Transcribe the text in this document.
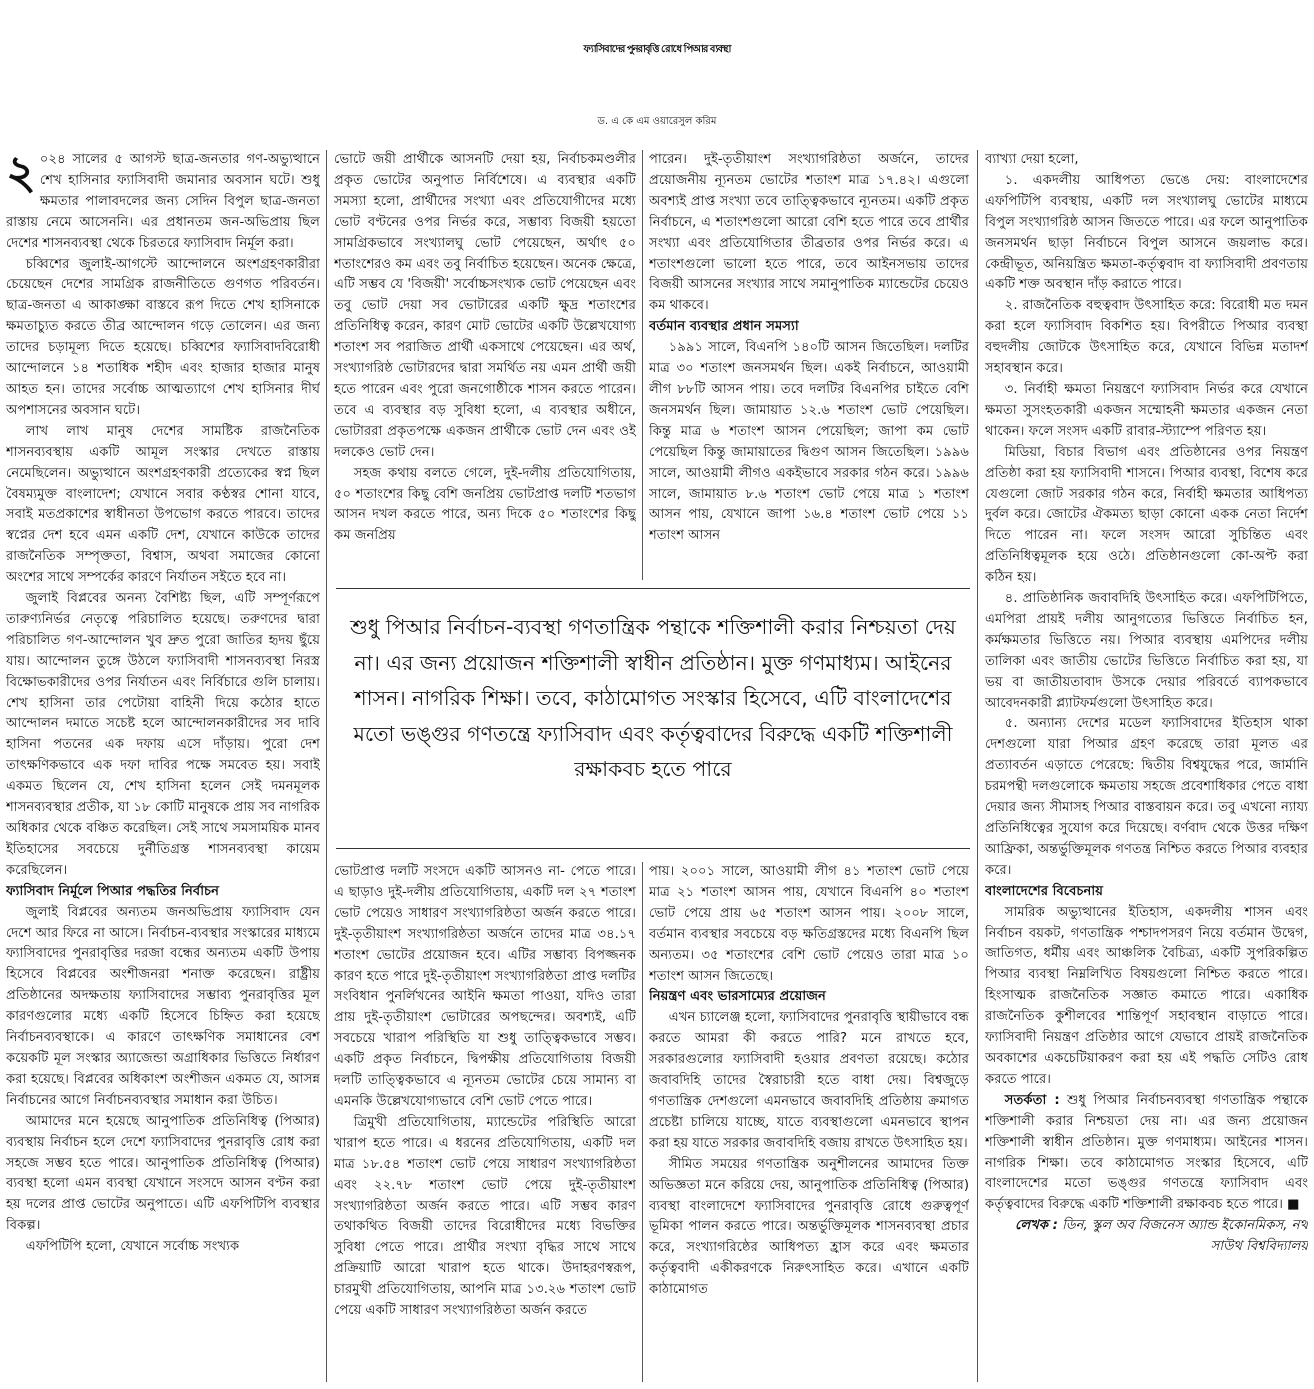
ফ্যাসিবাদের পুনরাবৃত্তি রোধে পিআর ব্যবস্থা
ড. এ কে এম ওয়ারেসুল করিম

২ ০২৪ সালের ৫ আগস্ট ছাত্র-জনতার গণ-অভ্যুত্থানে শেখ হাসিনার ফ্যাসিবাদী জমানার অবসান ঘটে। শুধু ক্ষমতার পালাবদলের জন্য সেদিন বিপুল ছাত্র-জনতা রাস্তায় নেমে আসেননি। এর প্রধানতম জন-অভিপ্রায় ছিল দেশের শাসনব্যবস্থা থেকে চিরতরে ফ্যাসিবাদ নির্মূল করা।

চব্বিশের জুলাই-আগস্টে আন্দোলনে অংশগ্রহণকারীরা চেয়েছেন দেশের সামগ্রিক রাজনীতিতে গুণগত পরিবর্তন। ছাত্র-জনতা এ আকাঙ্ক্ষা বাস্তবে রূপ দিতে শেখ হাসিনাকে ক্ষমতাচ্যুত করতে তীব্র আন্দোলন গড়ে তোলেন। এর জন্য তাদের চড়ামূল্য দিতে হয়েছে। চব্বিশের ফ্যাসিবাদবিরোধী আন্দোলনে ১৪ শতাধিক শহীদ এবং হাজার হাজার মানুষ আহত হন। তাদের সর্বোচ্চ আত্মত্যাগে শেখ হাসিনার দীর্ঘ অপশাসনের অবসান ঘটে।

লাখ লাখ মানুষ দেশের সামষ্টিক রাজনৈতিক শাসনব্যবস্থায় একটি আমূল সংস্কার দেখতে রাস্তায় নেমেছিলেন। অভ্যুত্থানে অংশগ্রহণকারী প্রত্যেকের স্বপ্ন ছিল বৈষম্যমুক্ত বাংলাদেশ; যেখানে সবার কণ্ঠস্বর শোনা যাবে, সবাই মতপ্রকাশের স্বাধীনতা উপভোগ করতে পারবে। তাদের স্বপ্নের দেশ হবে এমন একটি দেশ, যেখানে কাউকে তাদের রাজনৈতিক সম্পৃক্ততা, বিশ্বাস, অথবা সমাজের কোনো অংশের সাথে সম্পর্কের কারণে নির্যাতন সইতে হবে না।

জুলাই বিপ্লবের অনন্য বৈশিষ্ট্য ছিল, এটি সম্পূর্ণরূপে তারুণ্যনির্ভর নেতৃত্বে পরিচালিত হয়েছে। তরুণদের দ্বারা পরিচালিত গণ-আন্দোলন খুব দ্রুত পুরো জাতির হৃদয় ছুঁয়ে যায়। আন্দোলন তুঙ্গে উঠলে ফ্যাসিবাদী শাসনব্যবস্থা নিরস্ত্র বিক্ষোভকারীদের ওপর নির্যাতন এবং নির্বিচারে গুলি চালায়। শেখ হাসিনা তার পেটোয়া বাহিনী দিয়ে কঠোর হাতে আন্দোলন দমাতে সচেষ্ট হলে আন্দোলনকারীদের সব দাবি হাসিনা পতনের এক দফায় এসে দাঁড়ায়। পুরো দেশ তাৎক্ষণিকভাবে এক দফা দাবির পক্ষে সমবেত হয়। সবাই একমত ছিলেন যে, শেখ হাসিনা হলেন সেই দমনমূলক শাসনব্যবস্থার প্রতীক, যা ১৮ কোটি মানুষকে প্রায় সব নাগরিক অধিকার থেকে বঞ্চিত করেছিল। সেই সাথে সমসাময়িক মানব ইতিহাসের সবচেয়ে দুর্নীতিগ্রস্ত শাসনব্যবস্থা কায়েম করেছিলেন।

ফ্যাসিবাদ নির্মূলে পিআর পদ্ধতির নির্বাচন

জুলাই বিপ্লবের অন্যতম জনঅভিপ্রায় ফ্যাসিবাদ যেন দেশে আর ফিরে না আসে। নির্বাচন-ব্যবস্থার সংস্কারের মাধ্যমে ফ্যাসিবাদের পুনরাবৃত্তির দরজা বন্ধের অন্যতম একটি উপায় হিসেবে বিপ্লবের অংশীজনরা শনাক্ত করেছেন। রাষ্ট্রীয় প্রতিষ্ঠানের অদক্ষতায় ফ্যাসিবাদের সম্ভাব্য পুনরাবৃত্তির মূল কারণগুলোর মধ্যে একটি হিসেবে চিহ্নিত করা হয়েছে নির্বাচনব্যবস্থাকে। এ কারণে তাৎক্ষণিক সমাধানের বেশ কয়েকটি মূল সংস্কার অ্যাজেন্ডা অগ্রাধিকার ভিত্তিতে নির্ধারণ করা হয়েছে। বিপ্লবের অধিকাংশ অংশীজন একমত যে, আসন্ন নির্বাচনের আগে নির্বাচনব্যবস্থার সমাধান করা উচিত।

আমাদের মনে হয়েছে আনুপাতিক প্রতিনিধিত্ব (পিআর) ব্যবস্থায় নির্বাচন হলে দেশে ফ্যাসিবাদের পুনরাবৃত্তি রোধ করা সহজে সম্ভব হতে পারে। আনুপাতিক প্রতিনিধিত্ব (পিআর) ব্যবস্থা হলো এমন ব্যবস্থা যেখানে সংসদে আসন বণ্টন করা হয় দলের প্রাপ্ত ভোটের অনুপাতে। এটি এফপিটিপি ব্যবস্থার বিকল্প।

এফপিটিপি হলো, যেখানে সর্বোচ্চ সংখ্যক

ভোটে জয়ী প্রার্থীকে আসনটি দেয়া হয়, নির্বাচকমণ্ডলীর প্রকৃত ভোটের অনুপাত নির্বিশেষে। এ ব্যবস্থার একটি সমস্যা হলো, প্রার্থীদের সংখ্যা এবং প্রতিযোগীদের মধ্যে ভোট বণ্টনের ওপর নির্ভর করে, সম্ভাব্য বিজয়ী হয়তো সামগ্রিকভাবে সংখ্যালঘু ভোট পেয়েছেন, অর্থাৎ ৫০ শতাংশেরও কম এবং তবু নির্বাচিত হয়েছেন। অনেক ক্ষেত্রে, এটি সম্ভব যে 'বিজয়ী' সর্বোচ্চসংখ্যক ভোট পেয়েছেন এবং তবু ভোট দেয়া সব ভোটারের একটি ক্ষুদ্র শতাংশের প্রতিনিধিত্ব করেন, কারণ মোট ভোটের একটি উল্লেখযোগ্য শতাংশ সব পরাজিত প্রার্থী একসাথে পেয়েছেন। এর অর্থ, সংখ্যাগরিষ্ঠ ভোটারদের দ্বারা সমর্থিত নয় এমন প্রার্থী জয়ী হতে পারেন এবং পুরো জনগোষ্ঠীকে শাসন করতে পারেন। তবে এ ব্যবস্থার বড় সুবিধা হলো, এ ব্যবস্থার অধীনে, ভোটাররা প্রকৃতপক্ষে একজন প্রার্থীকে ভোট দেন এবং ওই দলকেও ভোট দেন।

সহজ কথায় বলতে গেলে, দুই-দলীয় প্রতিযোগিতায়, ৫০ শতাংশের কিছু বেশি জনপ্রিয় ভোটপ্রাপ্ত দলটি শতভাগ আসন দখল করতে পারে, অন্য দিকে ৫০ শতাংশের কিছু কম জনপ্রিয়

পারেন। দুই-তৃতীয়াংশ সংখ্যাগরিষ্ঠতা অর্জনে, তাদের প্রয়োজনীয় ন্যূনতম ভোটের শতাংশ মাত্র ১৭.৪২। এগুলো অবশ্যই প্রাপ্ত সংখ্যা তবে তাত্ত্বিকভাবে ন্যূনতম। একটি প্রকৃত নির্বাচনে, এ শতাংশগুলো আরো বেশি হতে পারে তবে প্রার্থীর সংখ্যা এবং প্রতিযোগিতার তীব্রতার ওপর নির্ভর করে। এ শতাংশগুলো ভালো হতে পারে, তবে আইনসভায় তাদের বিজয়ী আসনের সংখ্যার সাথে সমানুপাতিক ম্যান্ডেটের চেয়েও কম থাকবে।

বর্তমান ব্যবস্থার প্রধান সমস্যা

১৯৯১ সালে, বিএনপি ১৪০টি আসন জিতেছিল। দলটির মাত্র ৩০ শতাংশ জনসমর্থন ছিল। একই নির্বাচনে, আওয়ামী লীগ ৮৮টি আসন পায়। তবে দলটির বিএনপির চাইতে বেশি জনসমর্থন ছিল। জামায়াত ১২.৬ শতাংশ ভোট পেয়েছিল। কিন্তু মাত্র ৬ শতাংশ আসন পেয়েছিল; জাপা কম ভোট পেয়েছিল কিন্তু জামায়াতের দ্বিগুণ আসন জিতেছিল। ১৯৯৬ সালে, আওয়ামী লীগও একইভাবে সরকার গঠন করে। ১৯৯৬ সালে, জামায়াত ৮.৬ শতাংশ ভোট পেয়ে মাত্র ১ শতাংশ আসন পায়, যেখানে জাপা ১৬.৪ শতাংশ ভোট পেয়ে ১১ শতাংশ আসন

শুধু পিআর নির্বাচন-ব্যবস্থা গণতান্ত্রিক পন্থাকে শক্তিশালী করার নিশ্চয়তা দেয় না। এর জন্য প্রয়োজন শক্তিশালী স্বাধীন প্রতিষ্ঠান। মুক্ত গণমাধ্যম। আইনের শাসন। নাগরিক শিক্ষা। তবে, কাঠামোগত সংস্কার হিসেবে, এটি বাংলাদেশের মতো ভঙ্গুর গণতন্ত্রে ফ্যাসিবাদ এবং কর্তৃত্ববাদের বিরুদ্ধে একটি শক্তিশালী রক্ষাকবচ হতে পারে

ভোটপ্রাপ্ত দলটি সংসদে একটি আসনও না- পেতে পারে। এ ছাড়াও দুই-দলীয় প্রতিযোগিতায়, একটি দল ২৭ শতাংশ ভোট পেয়েও সাধারণ সংখ্যাগরিষ্ঠতা অর্জন করতে পারে। দুই-তৃতীয়াংশ সংখ্যাগরিষ্ঠতা অর্জনে তাদের মাত্র ৩৪.১৭ শতাংশ ভোটের প্রয়োজন হবে। এটির সম্ভাব্য বিপজ্জনক কারণ হতে পারে দুই-তৃতীয়াংশ সংখ্যাগরিষ্ঠতা প্রাপ্ত দলটির সংবিধান পুনর্লিখনের আইনি ক্ষমতা পাওয়া, যদিও তারা প্রায় দুই-তৃতীয়াংশ ভোটারের অপছন্দের। অবশ্যই, এটি সবচেয়ে খারাপ পরিস্থিতি যা শুধু তাত্ত্বিকভাবে সম্ভব। একটি প্রকৃত নির্বাচনে, দ্বিপক্ষীয় প্রতিযোগিতায় বিজয়ী দলটি তাত্ত্বিকভাবে এ ন্যূনতম ভোটের চেয়ে সামান্য বা এমনকি উল্লেখযোগ্যভাবে বেশি ভোট পেতে পারে।

ত্রিমুখী প্রতিযোগিতায়, ম্যান্ডেটের পরিস্থিতি আরো খারাপ হতে পারে। এ ধরনের প্রতিযোগিতায়, একটি দল মাত্র ১৮.৫৪ শতাংশ ভোট পেয়ে সাধারণ সংখ্যাগরিষ্ঠতা এবং ২২.৭৮ শতাংশ ভোট পেয়ে দুই-তৃতীয়াংশ সংখ্যাগরিষ্ঠতা অর্জন করতে পারে। এটি সম্ভব কারণ তথাকথিত বিজয়ী তাদের বিরোধীদের মধ্যে বিভক্তির সুবিধা পেতে পারে। প্রার্থীর সংখ্যা বৃদ্ধির সাথে সাথে প্রক্রিয়াটি আরো খারাপ হতে থাকে। উদাহরণস্বরূপ, চারমুখী প্রতিযোগিতায়, আপনি মাত্র ১৩.২৬ শতাংশ ভোট পেয়ে একটি সাধারণ সংখ্যাগরিষ্ঠতা অর্জন করতে

পায়। ২০০১ সালে, আওয়ামী লীগ ৪১ শতাংশ ভোট পেয়ে মাত্র ২১ শতাংশ আসন পায়, যেখানে বিএনপি ৪০ শতাংশ ভোট পেয়ে প্রায় ৬৫ শতাংশ আসন পায়। ২০০৮ সালে, বর্তমান ব্যবস্থার সবচেয়ে বড় ক্ষতিগ্রস্তদের মধ্যে বিএনপি ছিল অন্যতম। ৩৫ শতাংশের বেশি ভোট পেয়েও তারা মাত্র ১০ শতাংশ আসন জিতেছে।

নিয়ন্ত্রণ এবং ভারসাম্যের প্রয়োজন

এখন চ্যালেঞ্জ হলো, ফ্যাসিবাদের পুনরাবৃত্তি স্থায়ীভাবে বন্ধ করতে আমরা কী করতে পারি? মনে রাখতে হবে, সরকারগুলোর ফ্যাসিবাদী হওয়ার প্রবণতা রয়েছে। কঠোর জবাবদিহি তাদের স্বৈরাচারী হতে বাধা দেয়। বিশ্বজুড়ে গণতান্ত্রিক দেশগুলো এমনভাবে জবাবদিহি প্রতিষ্ঠায় ক্রমাগত প্রচেষ্টা চালিয়ে যাচ্ছে, যাতে ব্যবস্থাগুলো এমনভাবে স্থাপন করা হয় যাতে সরকার জবাবদিহি বজায় রাখতে উৎসাহিত হয়।

সীমিত সময়ের গণতান্ত্রিক অনুশীলনের আমাদের তিক্ত অভিজ্ঞতা মনে করিয়ে দেয়, আনুপাতিক প্রতিনিধিত্ব (পিআর) ব্যবস্থা বাংলাদেশে ফ্যাসিবাদের পুনরাবৃত্তি রোধে গুরুত্বপূর্ণ ভূমিকা পালন করতে পারে। অন্তর্ভুক্তিমূলক শাসনব্যবস্থা প্রচার করে, সংখ্যাগরিষ্ঠের আধিপত্য হ্রাস করে এবং ক্ষমতার কর্তৃত্ববাদী একীকরণকে নিরুৎসাহিত করে। এখানে একটি কাঠামোগত

ব্যাখ্যা দেয়া হলো,

১. একদলীয় আধিপত্য ভেঙে দেয়: বাংলাদেশের এফপিটিপি ব্যবস্থায়, একটি দল সংখ্যালঘু ভোটের মাধ্যমে বিপুল সংখ্যাগরিষ্ঠ আসন জিততে পারে। এর ফলে আনুপাতিক জনসমর্থন ছাড়া নির্বাচনে বিপুল আসনে জয়লাভ করে। কেন্দ্রীভূত, অনিয়ন্ত্রিত ক্ষমতা-কর্তৃত্ববাদ বা ফ্যাসিবাদী প্রবণতায় একটি শক্ত অবস্থান দাঁড় করাতে পারে।

২. রাজনৈতিক বহুত্ববাদ উৎসাহিত করে: বিরোধী মত দমন করা হলে ফ্যাসিবাদ বিকশিত হয়। বিপরীতে পিআর ব্যবস্থা বহুদলীয় জোটকে উৎসাহিত করে, যেখানে বিভিন্ন মতাদর্শ সহাবস্থান করে।

৩. নির্বাহী ক্ষমতা নিয়ন্ত্রণে ফ্যাসিবাদ নির্ভর করে যেখানে ক্ষমতা সুসংহতকারী একজন সম্মোহনী ক্ষমতার একজন নেতা থাকেন। ফলে সংসদ একটি রাবার-স্ট্যাম্পে পরিণত হয়।

মিডিয়া, বিচার বিভাগ এবং প্রতিষ্ঠানের ওপর নিয়ন্ত্রণ প্রতিষ্ঠা করা হয় ফ্যাসিবাদী শাসনে। পিআর ব্যবস্থা, বিশেষ করে যেগুলো জোট সরকার গঠন করে, নির্বাহী ক্ষমতার আধিপত্য দুর্বল করে। জোটের ঐকমত্য ছাড়া কোনো একক নেতা নির্দেশ দিতে পারেন না। ফলে সংসদ আরো সুচিন্তিত এবং প্রতিনিধিত্বমূলক হয়ে ওঠে। প্রতিষ্ঠানগুলো কো-অপ্ট করা কঠিন হয়।

৪. প্রাতিষ্ঠানিক জবাবদিহি উৎসাহিত করে। এফপিটিপিতে, এমপিরা প্রায়ই দলীয় আনুগত্যের ভিত্তিতে নির্বাচিত হন, কর্মক্ষমতার ভিত্তিতে নয়। পিআর ব্যবস্থায় এমপিদের দলীয় তালিকা এবং জাতীয় ভোটের ভিত্তিতে নির্বাচিত করা হয়, যা ভয় বা জাতীয়তাবাদ উসকে দেয়ার পরিবর্তে ব্যাপকভাবে আবেদনকারী প্ল্যাটফর্মগুলো উৎসাহিত করে।

৫. অন্যান্য দেশের মডেল ফ্যাসিবাদের ইতিহাস থাকা দেশগুলো যারা পিআর গ্রহণ করেছে তারা মূলত এর প্রত্যাবর্তন এড়াতে পেরেছে: দ্বিতীয় বিশ্বযুদ্ধের পরে, জার্মানি চরমপন্থী দলগুলোকে ক্ষমতায় সহজে প্রবেশাধিকার পেতে বাধা দেয়ার জন্য সীমাসহ পিআর বাস্তবায়ন করে। তবু এখনো ন্যায্য প্রতিনিধিত্বের সুযোগ করে দিয়েছে। বর্ণবাদ থেকে উত্তর দক্ষিণ আফ্রিকা, অন্তর্ভুক্তিমূলক গণতন্ত্র নিশ্চিত করতে পিআর ব্যবহার করে।

বাংলাদেশের বিবেচনায়

সামরিক অভ্যুত্থানের ইতিহাস, একদলীয় শাসন এবং নির্বাচন বয়কট, গণতান্ত্রিক পশ্চাদপসরণ নিয়ে বর্তমান উদ্বেগ, জাতিগত, ধর্মীয় এবং আঞ্চলিক বৈচিত্র্য, একটি সুপরিকল্পিত পিআর ব্যবস্থা নিম্নলিখিত বিষয়গুলো নিশ্চিত করতে পারে। হিংসাত্মক রাজনৈতিক সজ্ঞাত কমাতে পারে। একাধিক রাজনৈতিক কুশীলবের শান্তিপূর্ণ সহাবস্থান বাড়াতে পারে। ফ্যাসিবাদী নিয়ন্ত্রণ প্রতিষ্ঠার আগে যেভাবে প্রায়ই রাজনৈতিক অবকাশের একচেটিয়াকরণ করা হয় এই পদ্ধতি সেটিও রোধ করতে পারে।

সতর্কতা : শুধু পিআর নির্বাচনব্যবস্থা গণতান্ত্রিক পন্থাকে শক্তিশালী করার নিশ্চয়তা দেয় না। এর জন্য প্রয়োজন শক্তিশালী স্বাধীন প্রতিষ্ঠান। মুক্ত গণমাধ্যম। আইনের শাসন। নাগরিক শিক্ষা। তবে কাঠামোগত সংস্কার হিসেবে, এটি বাংলাদেশের মতো ভঙ্গুর গণতন্ত্রে ফ্যাসিবাদ এবং কর্তৃত্ববাদের বিরুদ্ধে একটি শক্তিশালী রক্ষাকবচ হতে পারে। ■

লেখক : ডিন, স্কুল অব বিজনেস অ্যান্ড ইকোনমিকস, নর্থ সাউথ বিশ্ববিদ্যালয়
